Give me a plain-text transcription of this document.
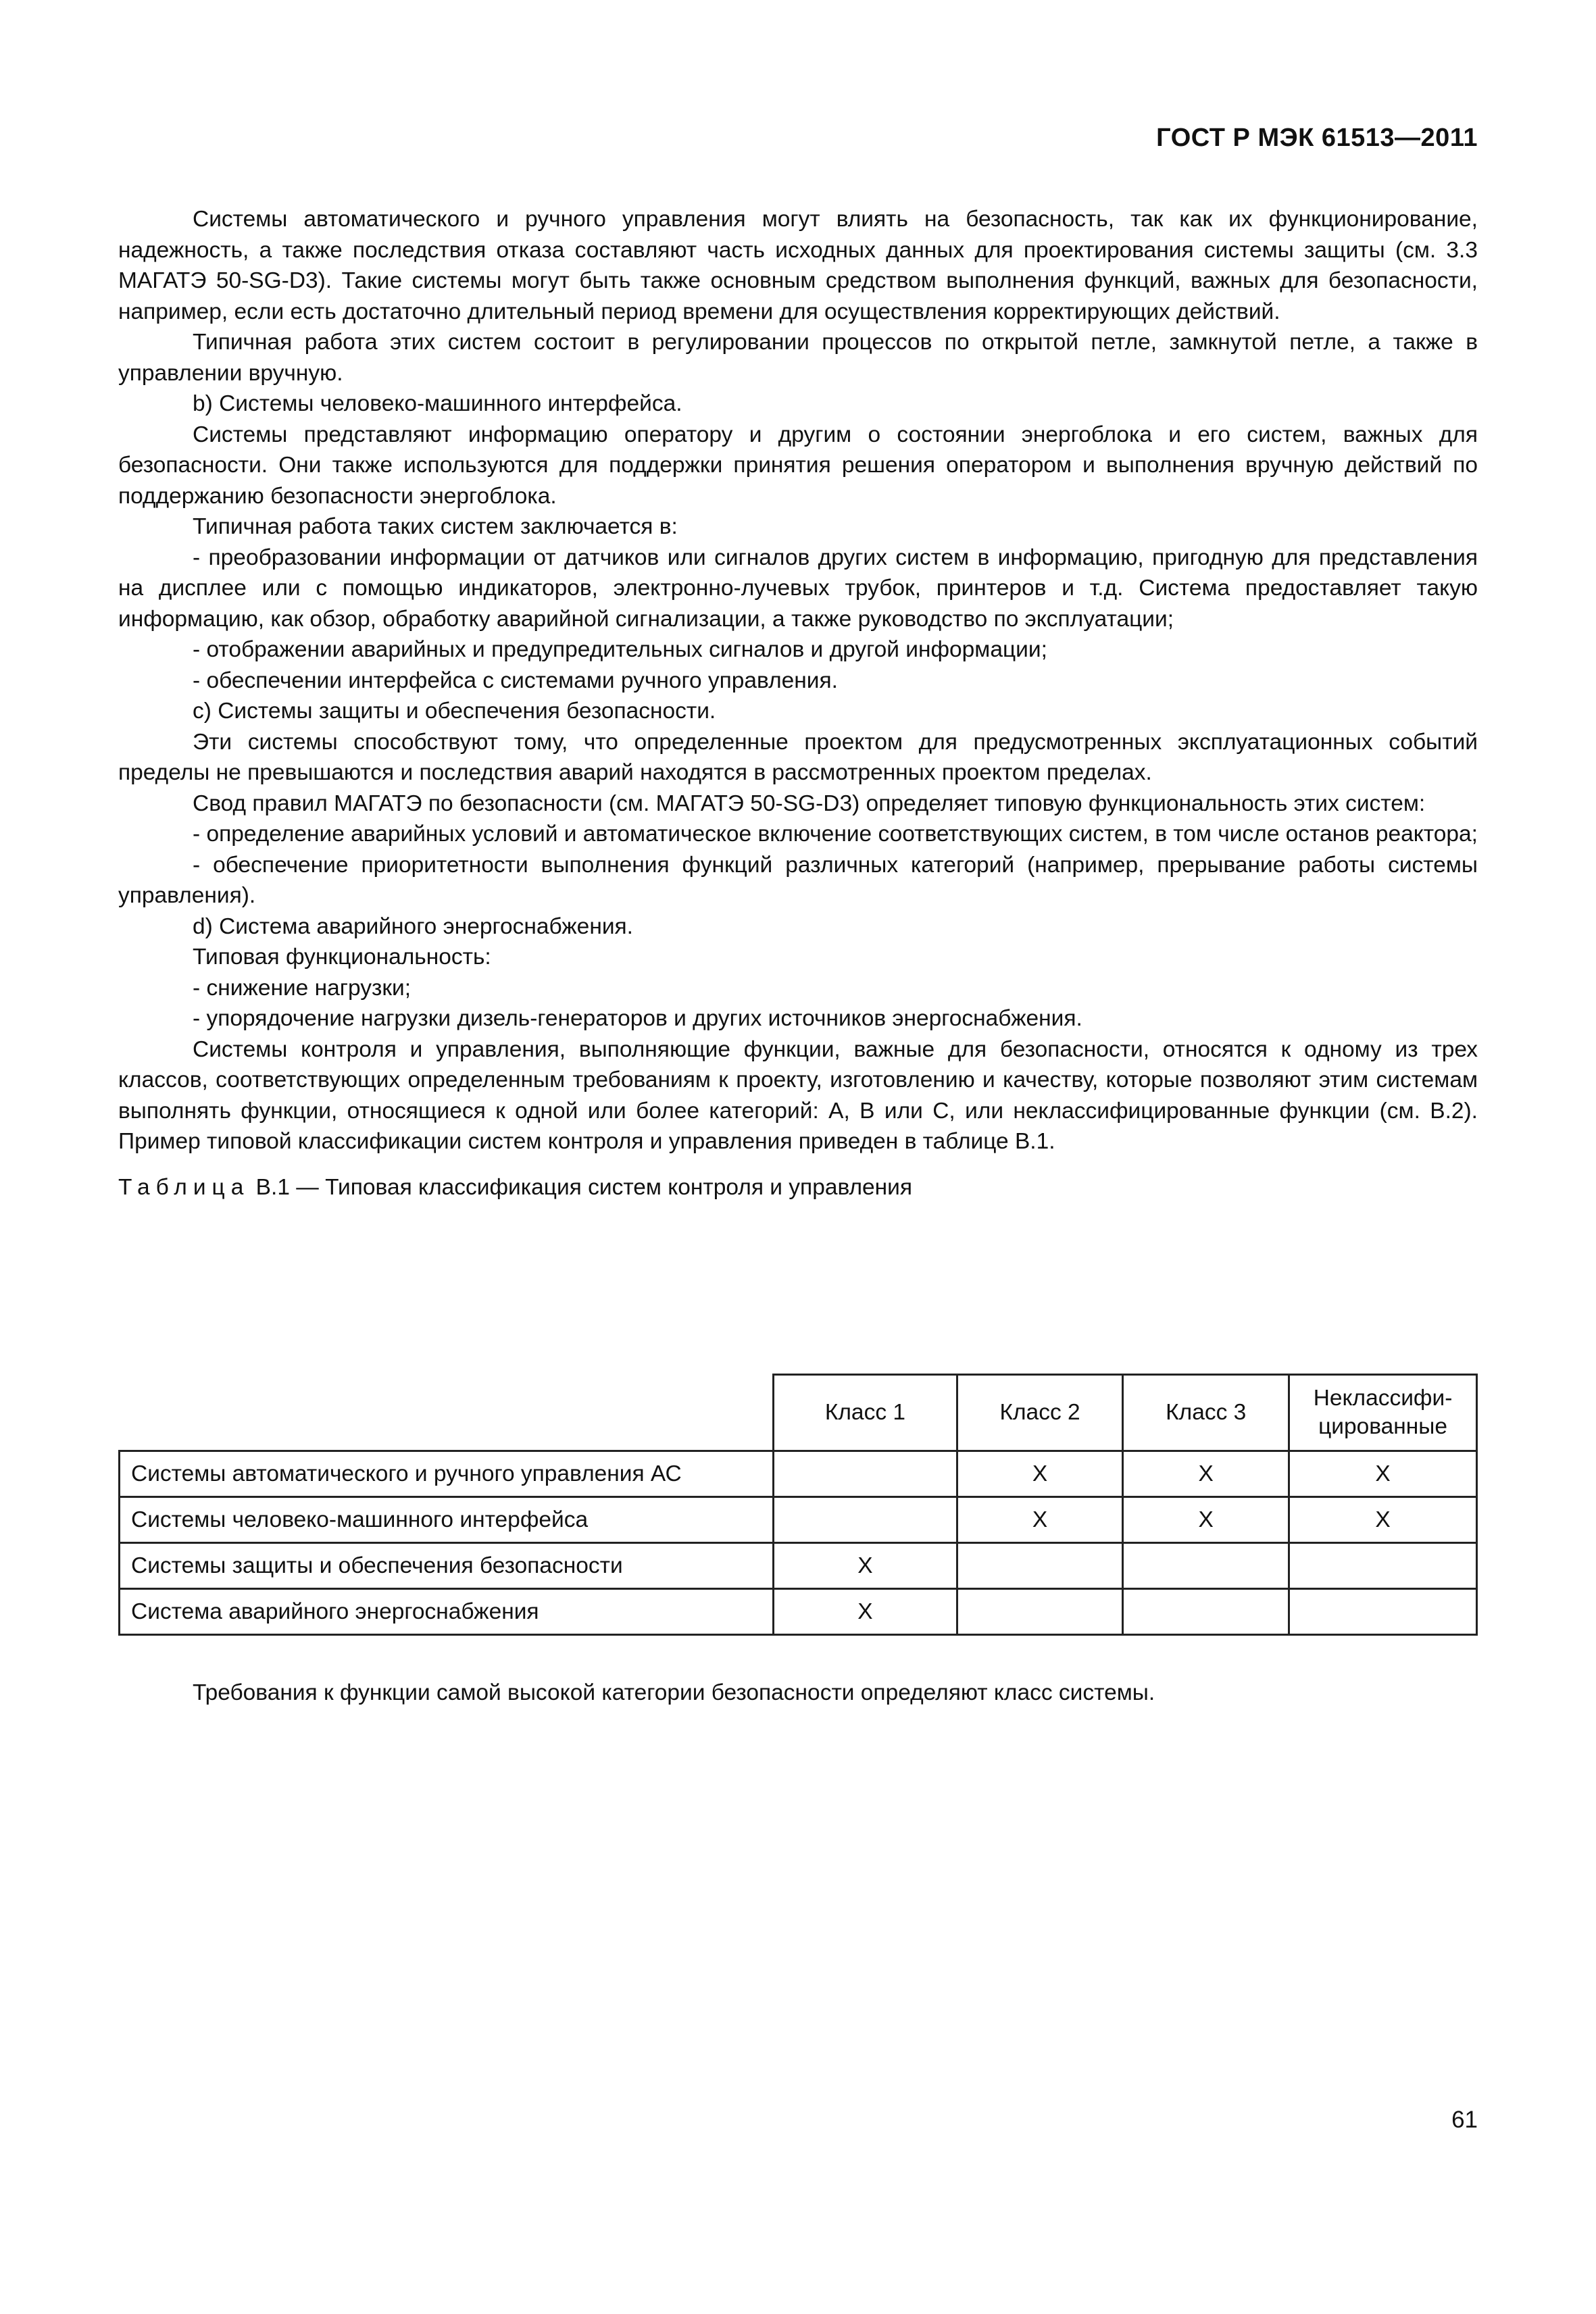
ГОСТ Р МЭК 61513—2011

Системы автоматического и ручного управления могут влиять на безопасность, так как их функционирование, надежность, а также последствия отказа составляют часть исходных данных для проектирования системы защиты (см. 3.3 МАГАТЭ 50-SG-D3). Такие системы могут быть также основным средством выполнения функций, важных для безопасности, например, если есть достаточно длительный период времени для осуществления корректирующих действий.

Типичная работа этих систем состоит в регулировании процессов по открытой петле, замкнутой петле, а также в управлении вручную.

b) Системы человеко-машинного интерфейса.

Системы представляют информацию оператору и другим о состоянии энергоблока и его систем, важных для безопасности. Они также используются для поддержки принятия решения оператором и выполнения вручную действий по поддержанию безопасности энергоблока.

Типичная работа таких систем заключается в:

- преобразовании информации от датчиков или сигналов других систем в информацию, пригодную для представления на дисплее или с помощью индикаторов, электронно-лучевых трубок, принтеров и т.д. Система предоставляет такую информацию, как обзор, обработку аварийной сигнализации, а также руководство по эксплуатации;

- отображении аварийных и предупредительных сигналов и другой информации;

- обеспечении интерфейса с системами ручного управления.

c) Системы защиты и обеспечения безопасности.

Эти системы способствуют тому, что определенные проектом для предусмотренных эксплуатационных событий пределы не превышаются и последствия аварий находятся в рассмотренных проектом пределах.

Свод правил МАГАТЭ по безопасности (см. МАГАТЭ 50-SG-D3) определяет типовую функциональность этих систем:

- определение аварийных условий и автоматическое включение соответствующих систем, в том числе останов реактора;

- обеспечение приоритетности выполнения функций различных категорий (например, прерывание работы системы управления).

d) Система аварийного энергоснабжения.

Типовая функциональность:

- снижение нагрузки;

- упорядочение нагрузки дизель-генераторов и других источников энергоснабжения.

Системы контроля и управления, выполняющие функции, важные для безопасности, относятся к одному из трех классов, соответствующих определенным требованиям к проекту, изготовлению и качеству, которые позволяют этим системам выполнять функции, относящиеся к одной или более категорий: А, В или С, или неклассифицированные функции (см. В.2). Пример типовой классификации систем контроля и управления приведен в таблице В.1.

Таблица В.1 — Типовая классификация систем контроля и управления

	Класс 1	Класс 2	Класс 3	Неклассифи-
цированные
Системы автоматического и ручного управления АС		X	X	X
Системы человеко-машинного интерфейса		X	X	X
Системы защиты и обеспечения безопасности	X			
Система аварийного энергоснабжения	X			
Требования к функции самой высокой категории безопасности определяют класс системы.
61
